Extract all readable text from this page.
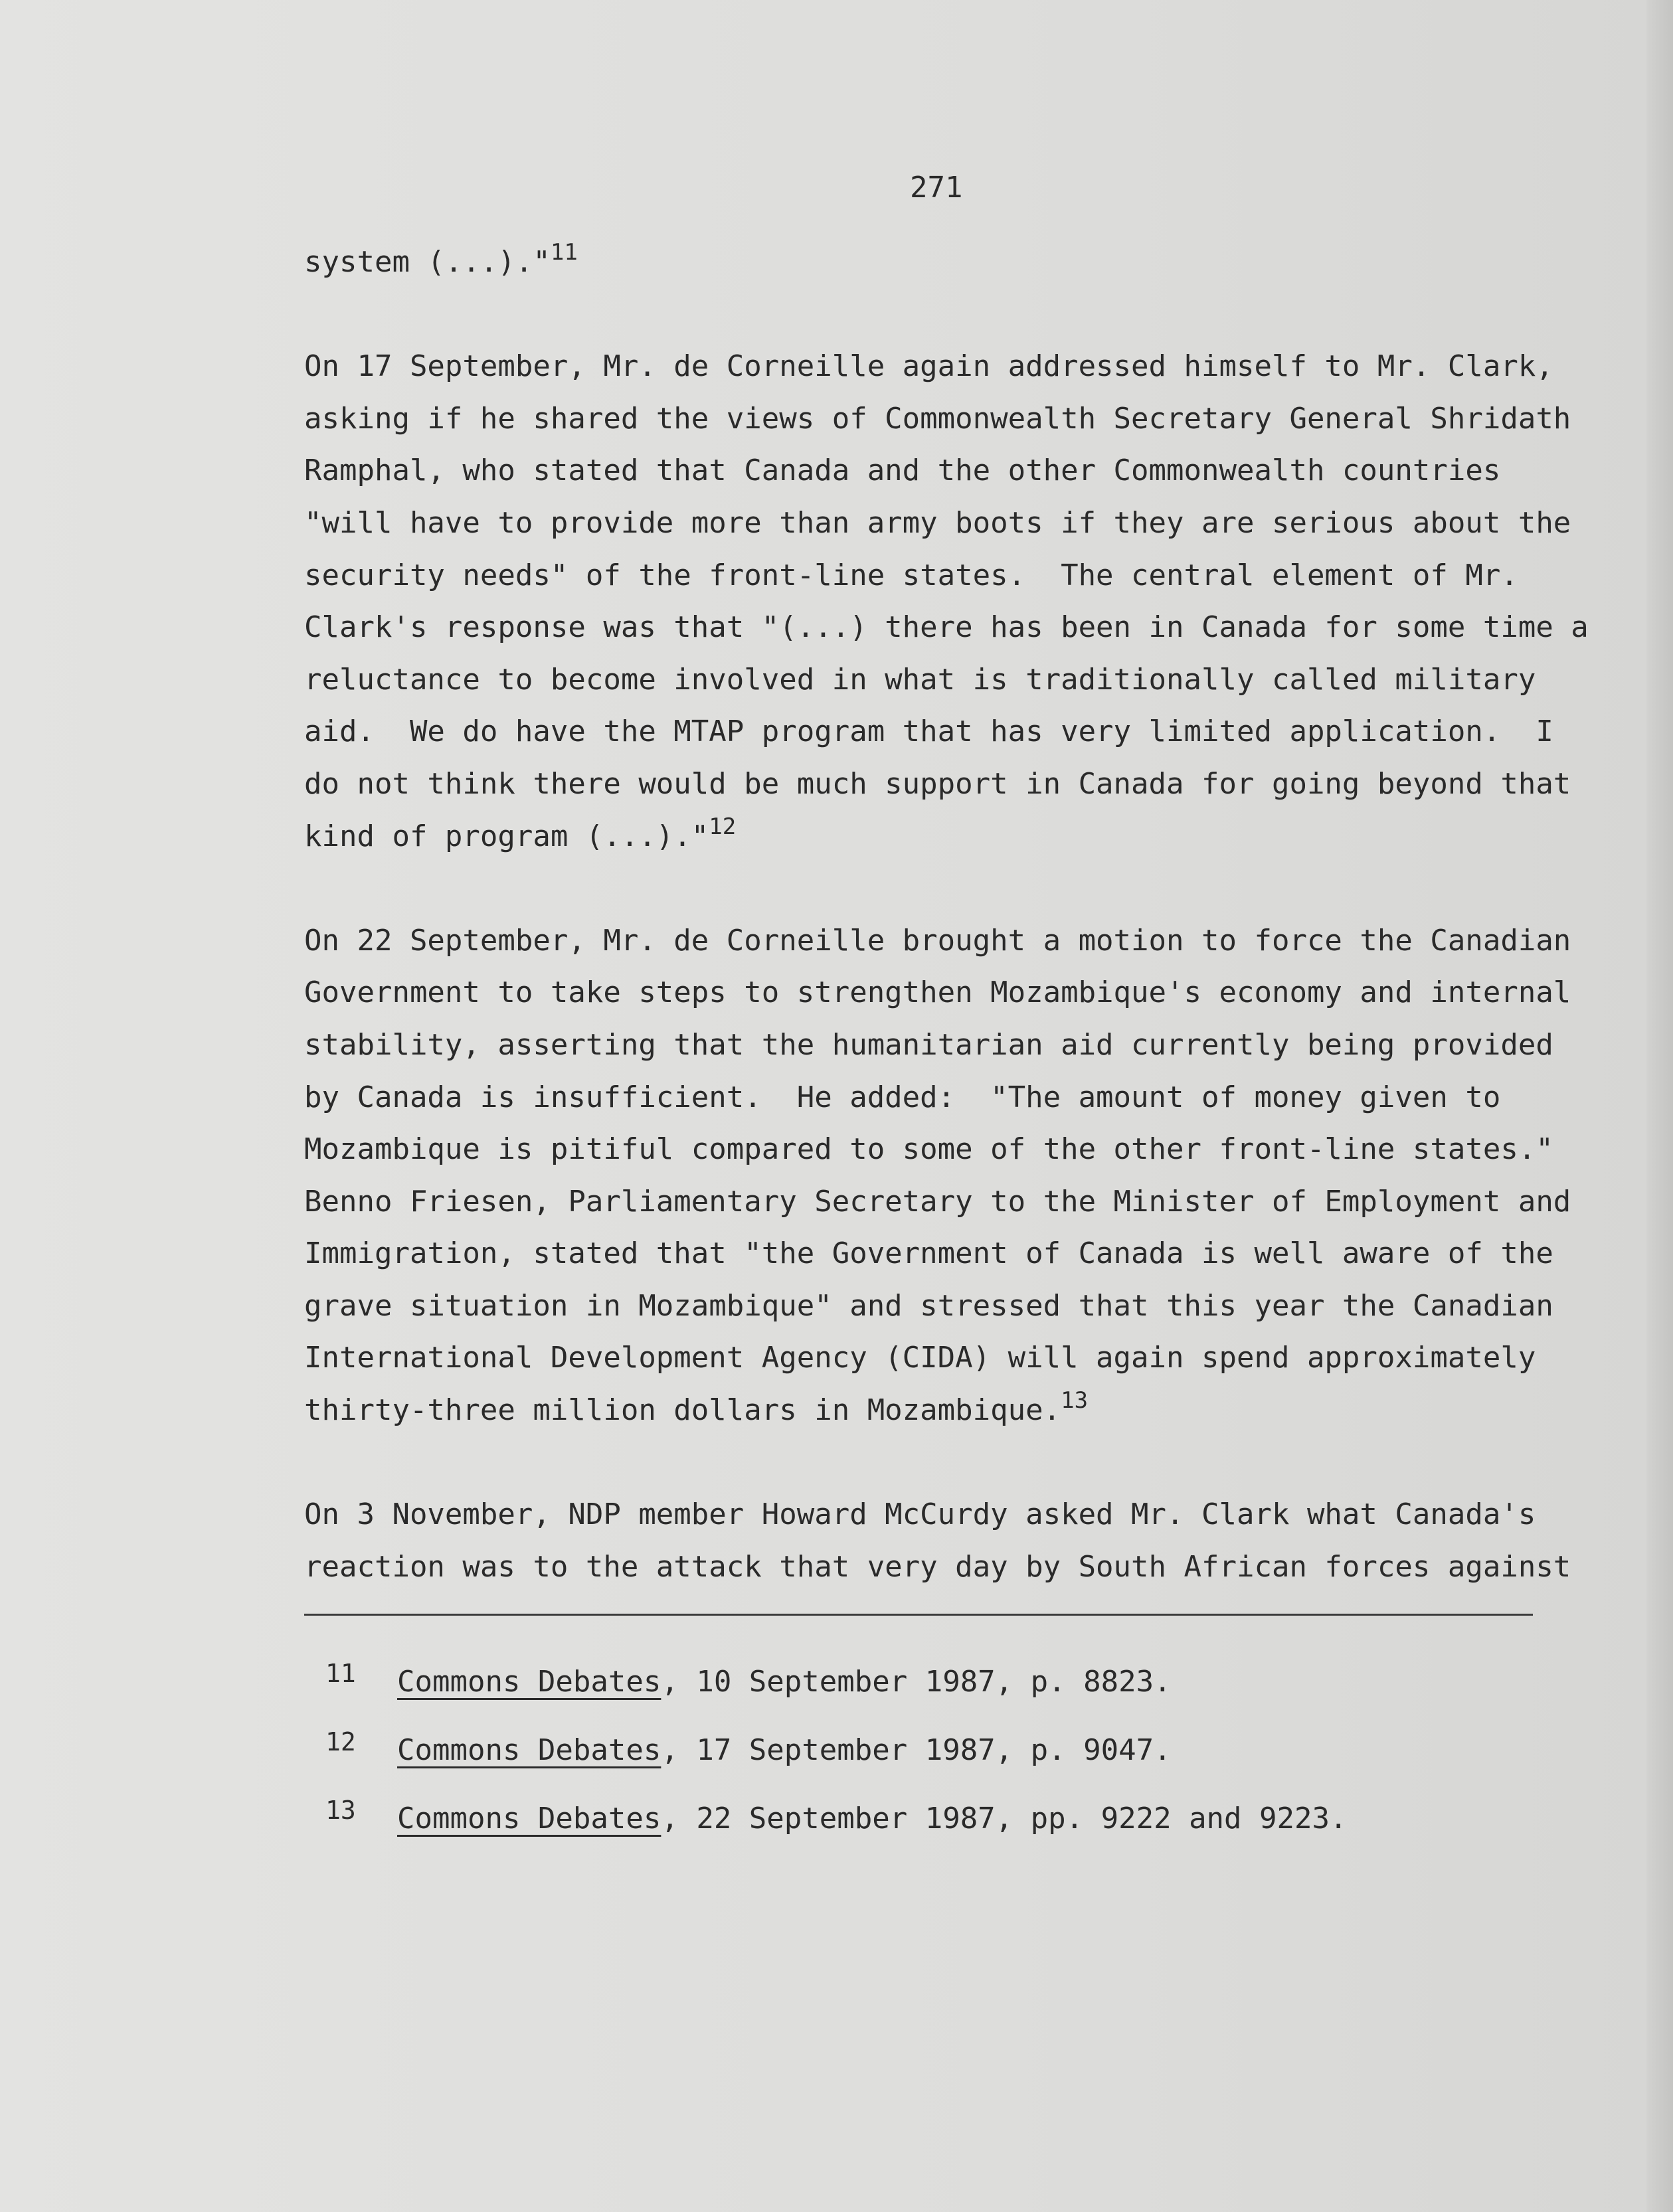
271
system (...)."$^{11}$
On 17 September, Mr. de Corneille again addressed himself to Mr. Clark,
asking if he shared the views of Commonwealth Secretary General Shridath
Ramphal, who stated that Canada and the other Commonwealth countries
"will have to provide more than army boots if they are serious about the
security needs" of the front-line states.  The central element of Mr.
Clark's response was that "(...) there has been in Canada for some time a
reluctance to become involved in what is traditionally called military
aid.  We do have the MTAP program that has very limited application.  I
do not think there would be much support in Canada for going beyond that
kind of program (...)."$^{12}$
On 22 September, Mr. de Corneille brought a motion to force the Canadian
Government to take steps to strengthen Mozambique's economy and internal
stability, asserting that the humanitarian aid currently being provided
by Canada is insufficient.  He added:  "The amount of money given to
Mozambique is pitiful compared to some of the other front-line states."
Benno Friesen, Parliamentary Secretary to the Minister of Employment and
Immigration, stated that "the Government of Canada is well aware of the
grave situation in Mozambique" and stressed that this year the Canadian
International Development Agency (CIDA) will again spend approximately
thirty-three million dollars in Mozambique.$^{13}$
On 3 November, NDP member Howard McCurdy asked Mr. Clark what Canada's
reaction was to the attack that very day by South African forces against
11 Commons Debates, 10 September 1987, p. 8823.
12 Commons Debates, 17 September 1987, p. 9047.
13 Commons Debates, 22 September 1987, pp. 9222 and 9223.
